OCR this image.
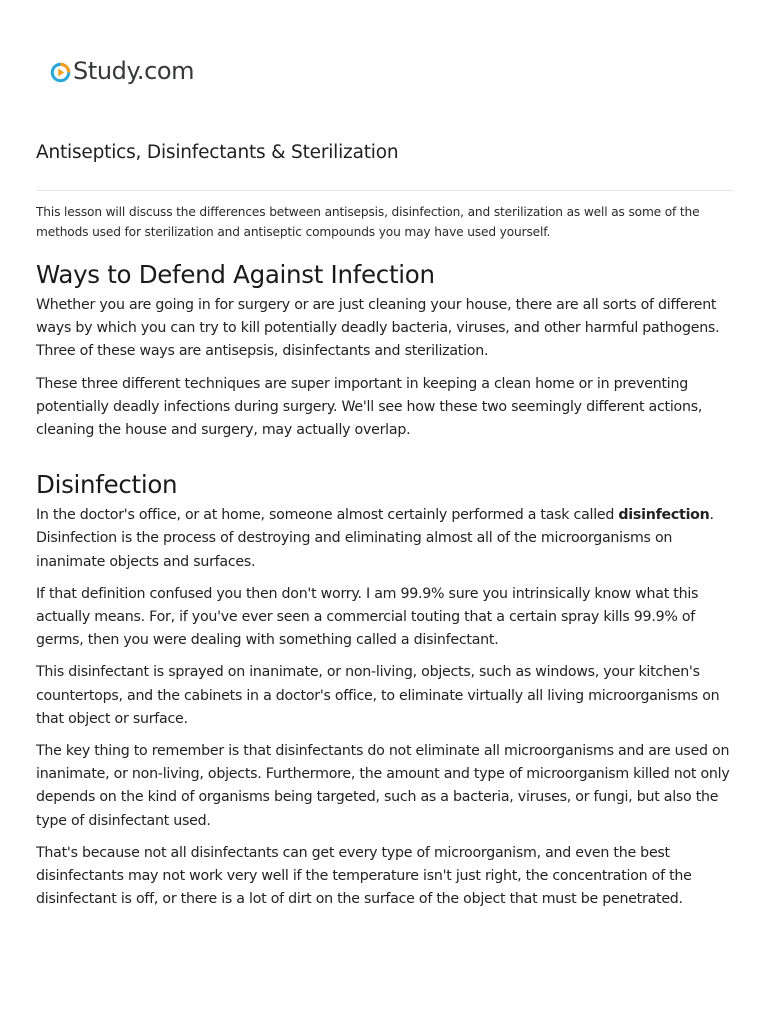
Study.com
Antiseptics, Disinfectants & Sterilization

This lesson will discuss the differences between antisepsis, disinfection, and sterilization as well as some of the methods used for sterilization and antiseptic compounds you may have used yourself.

Ways to Defend Against Infection

Whether you are going in for surgery or are just cleaning your house, there are all sorts of different ways by which you can try to kill potentially deadly bacteria, viruses, and other harmful pathogens. Three of these ways are antisepsis, disinfectants and sterilization.

These three different techniques are super important in keeping a clean home or in preventing potentially deadly infections during surgery. We'll see how these two seemingly different actions, cleaning the house and surgery, may actually overlap.

Disinfection

In the doctor's office, or at home, someone almost certainly performed a task called disinfection. Disinfection is the process of destroying and eliminating almost all of the microorganisms on inanimate objects and surfaces.

If that definition confused you then don't worry. I am 99.9% sure you intrinsically know what this actually means. For, if you've ever seen a commercial touting that a certain spray kills 99.9% of germs, then you were dealing with something called a disinfectant.

This disinfectant is sprayed on inanimate, or non-living, objects, such as windows, your kitchen's countertops, and the cabinets in a doctor's office, to eliminate virtually all living microorganisms on that object or surface.

The key thing to remember is that disinfectants do not eliminate all microorganisms and are used on inanimate, or non-living, objects. Furthermore, the amount and type of microorganism killed not only depends on the kind of organisms being targeted, such as a bacteria, viruses, or fungi, but also the type of disinfectant used.

That's because not all disinfectants can get every type of microorganism, and even the best disinfectants may not work very well if the temperature isn't just right, the concentration of the disinfectant is off, or there is a lot of dirt on the surface of the object that must be penetrated.
